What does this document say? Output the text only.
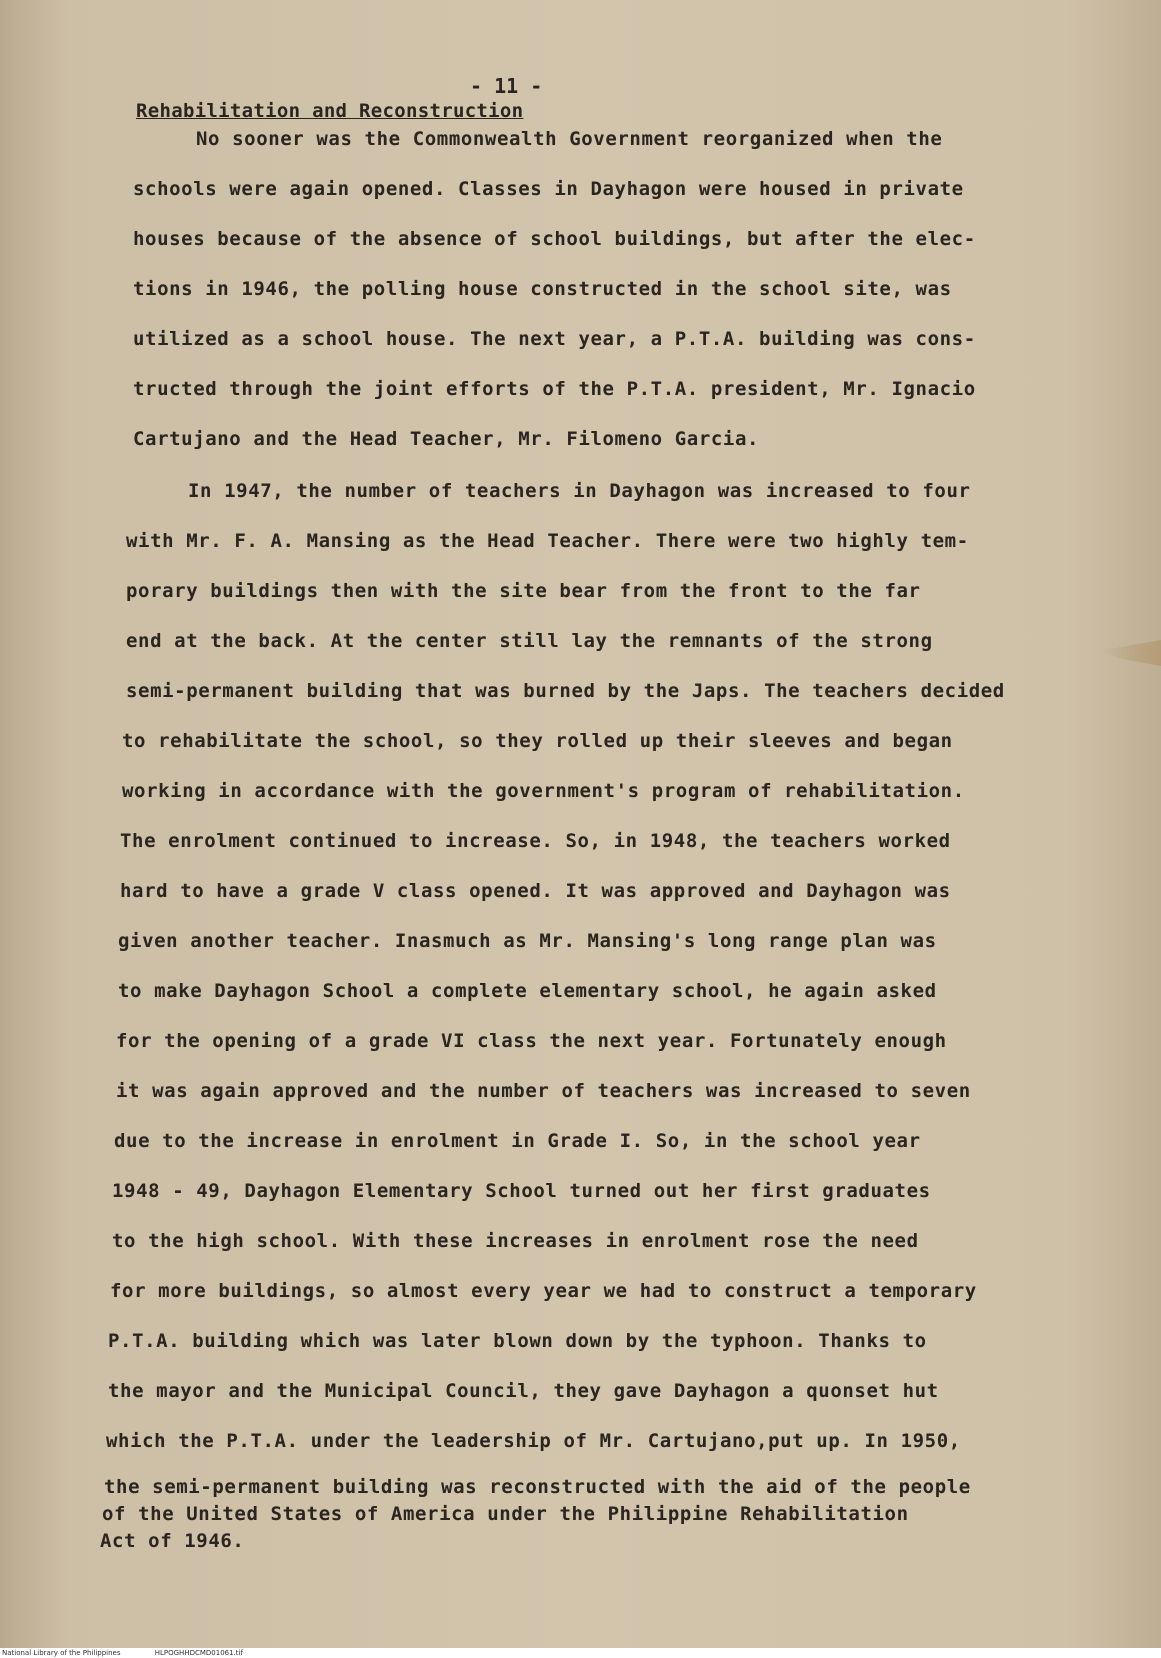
- 11 -
Rehabilitation and Reconstruction
No sooner was the Commonwealth Government reorganized when the
schools were again opened. Classes in Dayhagon were housed in private
houses because of the absence of school buildings, but after the elec-
tions in 1946, the polling house constructed in the school site, was
utilized as a school house. The next year, a P.T.A. building was cons-
tructed through the joint efforts of the P.T.A. president, Mr. Ignacio
Cartujano and the Head Teacher, Mr. Filomeno Garcia.
In 1947, the number of teachers in Dayhagon was increased to four
with Mr. F. A. Mansing as the Head Teacher. There were two highly tem-
porary buildings then with the site bear from the front to the far
end at the back. At the center still lay the remnants of the strong
semi-permanent building that was burned by the Japs. The teachers decided
to rehabilitate the school, so they rolled up their sleeves and began
working in accordance with the government's program of rehabilitation.
The enrolment continued to increase. So, in 1948, the teachers worked
hard to have a grade V class opened. It was approved and Dayhagon was
given another teacher. Inasmuch as Mr. Mansing's long range plan was
to make Dayhagon School a complete elementary school, he again asked
for the opening of a grade VI class the next year. Fortunately enough
it was again approved and the number of teachers was increased to seven
due to the increase in enrolment in Grade I. So, in the school year
1948 - 49, Dayhagon Elementary School turned out her first graduates
to the high school. With these increases in enrolment rose the need
for more buildings, so almost every year we had to construct a temporary
P.T.A. building which was later blown down by the typhoon. Thanks to
the mayor and the Municipal Council, they gave Dayhagon a quonset hut
which the P.T.A. under the leadership of Mr. Cartujano,put up. In 1950,
the semi-permanent building was reconstructed with the aid of the people
of the United States of America under the Philippine Rehabilitation
Act of 1946.
National Library of the Philippines	HLPOGHHDCMD01061.tif
